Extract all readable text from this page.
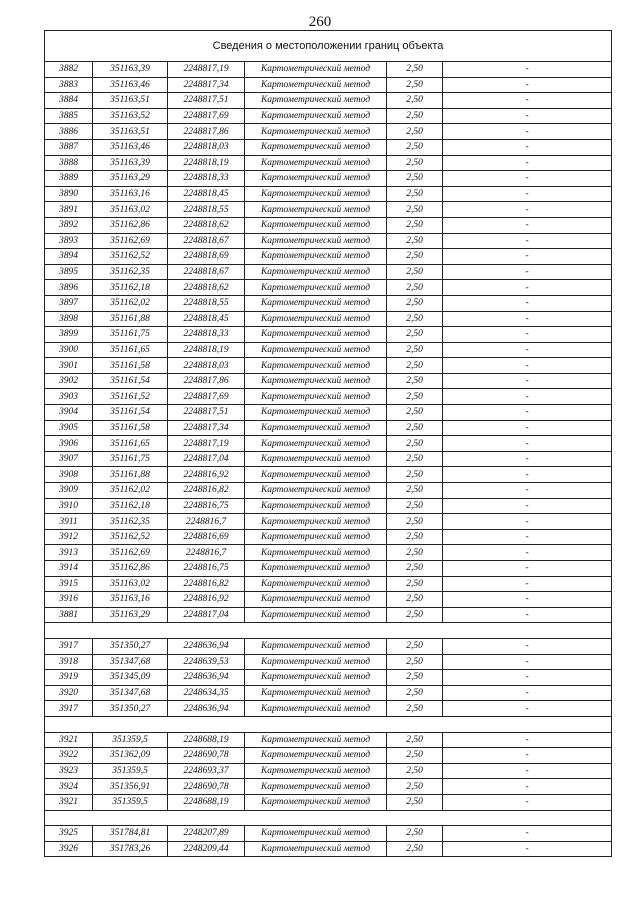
260
Сведения о местоположении границ объекта					
3882	351163,39	2248817,19	Картометрический метод	2,50	-
3883	351163,46	2248817,34	Картометрический метод	2,50	-
3884	351163,51	2248817,51	Картометрический метод	2,50	-
3885	351163,52	2248817,69	Картометрический метод	2,50	-
3886	351163,51	2248817,86	Картометрический метод	2,50	-
3887	351163,46	2248818,03	Картометрический метод	2,50	-
3888	351163,39	2248818,19	Картометрический метод	2,50	-
3889	351163,29	2248818,33	Картометрический метод	2,50	-
3890	351163,16	2248818,45	Картометрический метод	2,50	-
3891	351163,02	2248818,55	Картометрический метод	2,50	-
3892	351162,86	2248818,62	Картометрический метод	2,50	-
3893	351162,69	2248818,67	Картометрический метод	2,50	-
3894	351162,52	2248818,69	Картометрический метод	2,50	-
3895	351162,35	2248818,67	Картометрический метод	2,50	-
3896	351162,18	2248818,62	Картометрический метод	2,50	-
3897	351162,02	2248818,55	Картометрический метод	2,50	-
3898	351161,88	2248818,45	Картометрический метод	2,50	-
3899	351161,75	2248818,33	Картометрический метод	2,50	-
3900	351161,65	2248818,19	Картометрический метод	2,50	-
3901	351161,58	2248818,03	Картометрический метод	2,50	-
3902	351161,54	2248817,86	Картометрический метод	2,50	-
3903	351161,52	2248817,69	Картометрический метод	2,50	-
3904	351161,54	2248817,51	Картометрический метод	2,50	-
3905	351161,58	2248817,34	Картометрический метод	2,50	-
3906	351161,65	2248817,19	Картометрический метод	2,50	-
3907	351161,75	2248817,04	Картометрический метод	2,50	-
3908	351161,88	2248816,92	Картометрический метод	2,50	-
3909	351162,02	2248816,82	Картометрический метод	2,50	-
3910	351162,18	2248816,75	Картометрический метод	2,50	-
3911	351162,35	2248816,7	Картометрический метод	2,50	-
3912	351162,52	2248816,69	Картометрический метод	2,50	-
3913	351162,69	2248816,7	Картометрический метод	2,50	-
3914	351162,86	2248816,75	Картометрический метод	2,50	-
3915	351163,02	2248816,82	Картометрический метод	2,50	-
3916	351163,16	2248816,92	Картометрический метод	2,50	-
3881	351163,29	2248817,04	Картометрический метод	2,50	-

3917	351350,27	2248636,94	Картометрический метод	2,50	-
3918	351347,68	2248639,53	Картометрический метод	2,50	-
3919	351345,09	2248636,94	Картометрический метод	2,50	-
3920	351347,68	2248634,35	Картометрический метод	2,50	-
3917	351350,27	2248636,94	Картометрический метод	2,50	-

3921	351359,5	2248688,19	Картометрический метод	2,50	-
3922	351362,09	2248690,78	Картометрический метод	2,50	-
3923	351359,5	2248693,37	Картометрический метод	2,50	-
3924	351356,91	2248690,78	Картометрический метод	2,50	-
3921	351359,5	2248688,19	Картометрический метод	2,50	-

3925	351784,81	2248207,89	Картометрический метод	2,50	-
3926	351783,26	2248209,44	Картометрический метод	2,50	-
